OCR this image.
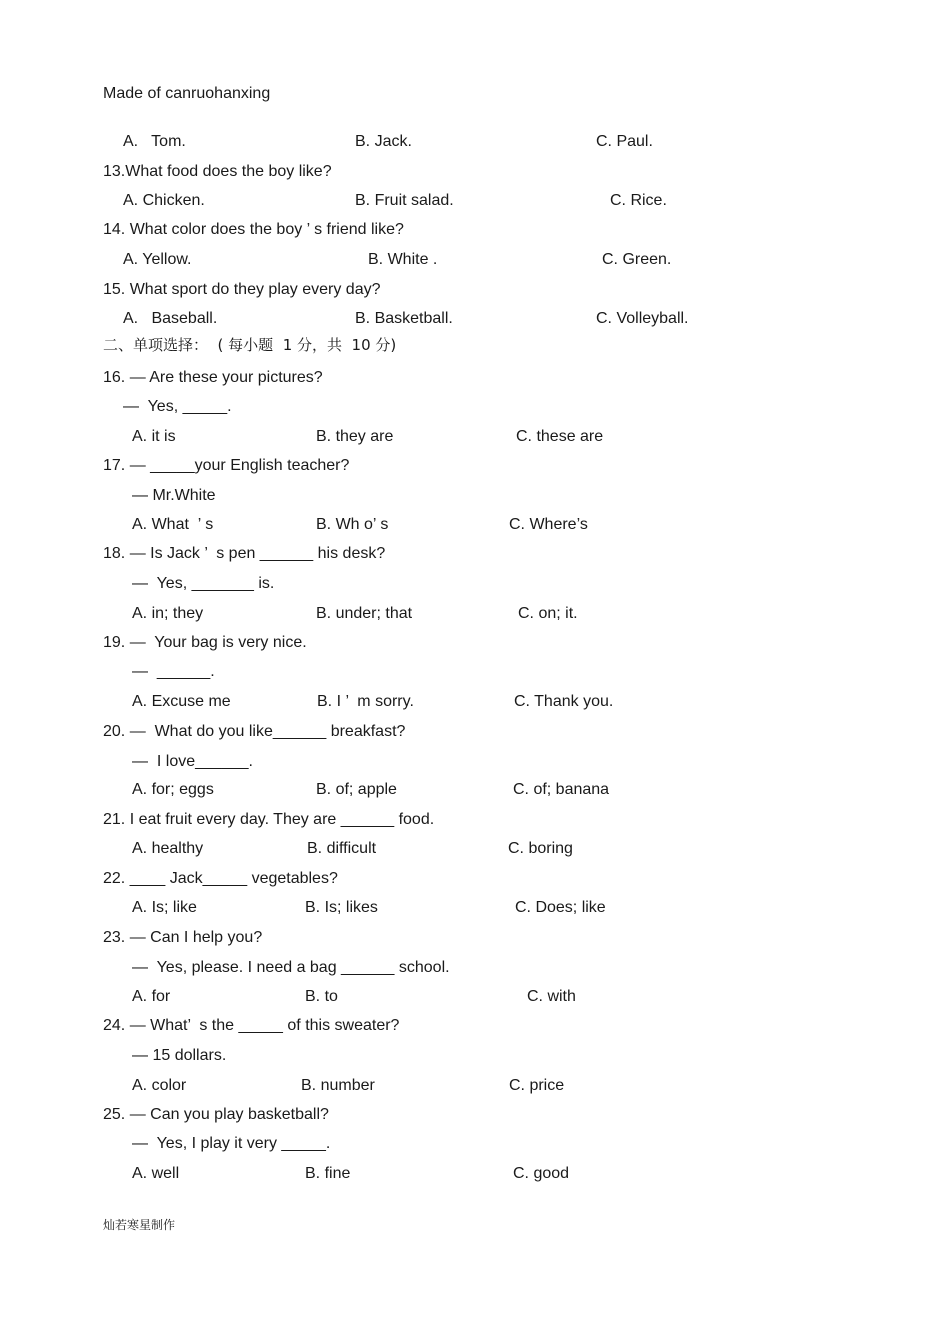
Made of canruohanxing
A.   Tom.	B. Jack.	C. Paul.
13.What food does the boy like?
A. Chicken.	B. Fruit salad.	C. Rice.
14. What color does the boy ’ s friend like?
A. Yellow.	B. White .	C. Green.
15. What sport do they play every day?
A.   Baseball.	B. Basketball.	C. Volleyball.
二、单项选择：  ( 每小题  1 分，共  10 分)
16. — Are these your pictures?
—  Yes, _____.
A. it is	B. they are	C. these are
17. — _____your English teacher?
— Mr.White
A. What  ’ s	B. Wh o’ s	C. Where’s
18. — Is Jack ’  s pen ______ his desk?
—  Yes, _______ is.
A. in; they	B. under; that	C. on; it.
19. —  Your bag is very nice.
—  ______.
A. Excuse me	B. I ’  m sorry.	C. Thank you.
20. —  What do you like______ breakfast?
—  I love______.
A. for; eggs	B. of; apple	C. of; banana
21. I eat fruit every day. They are ______ food.
A. healthy	B. difficult	C. boring
22. ____ Jack_____ vegetables?
A. Is; like	B. Is; likes	C. Does; like
23. — Can I help you?
—  Yes, please. I need a bag ______ school.
A. for	B. to	C. with
24. — What’  s the _____ of this sweater?
— 15 dollars.
A. color	B. number	C. price
25. — Can you play basketball?
—  Yes, I play it very _____.
A. well	B. fine	C. good
灿若寒星制作
